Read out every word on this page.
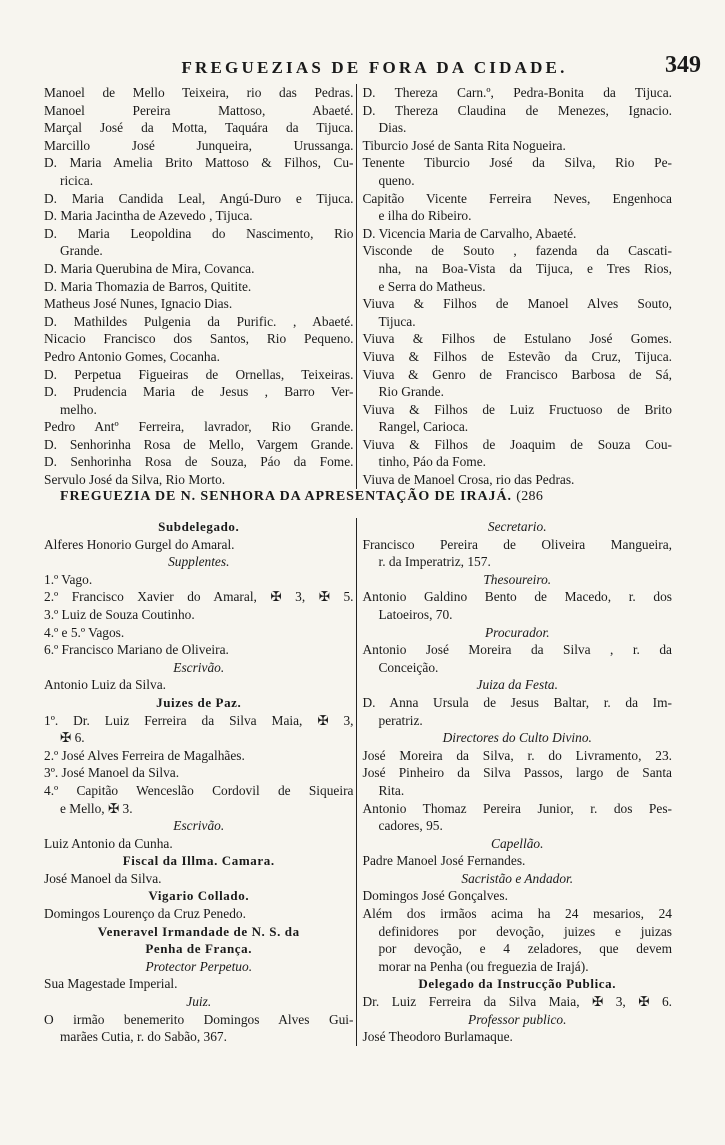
FREGUEZIAS DE FORA DA CIDADE.	349
Manoel de Mello Teixeira, rio das Pedras.
Manoel Pereira Mattoso, Abaeté.
Marçal José da Motta, Taquára da Tijuca.
Marcillo José Junqueira, Urussanga.
D. Maria Amelia Brito Mattoso & Filhos, Cu-
ricica.
D. Maria Candida Leal, Angú-Duro e Tijuca.
D. Maria Jacintha de Azevedo , Tijuca.
D. Maria Leopoldina do Nascimento, Rio
Grande.
D. Maria Querubina de Mira, Covanca.
D. Maria Thomazia de Barros, Quitite.
Matheus José Nunes, Ignacio Dias.
D. Mathildes Pulgenia da Purific. , Abaeté.
Nicacio Francisco dos Santos, Rio Pequeno.
Pedro Antonio Gomes, Cocanha.
D. Perpetua Figueiras de Ornellas, Teixeiras.
D. Prudencia Maria de Jesus , Barro Ver-
melho.
Pedro Antº Ferreira, lavrador, Rio Grande.
D. Senhorinha Rosa de Mello, Vargem Grande.
D. Senhorinha Rosa de Souza, Páo da Fome.
Servulo José da Silva, Rio Morto.
D. Thereza Carn.º, Pedra-Bonita da Tijuca.
D. Thereza Claudina de Menezes, Ignacio.
Dias.
Tiburcio José de Santa Rita Nogueira.
Tenente Tiburcio José da Silva, Rio Pe-
queno.
Capitão Vicente Ferreira Neves, Engenhoca
e ilha do Ribeiro.
D. Vicencia Maria de Carvalho, Abaeté.
Visconde de Souto , fazenda da Cascati-
nha, na Boa-Vista da Tijuca, e Tres Rios,
e Serra do Matheus.
Viuva & Filhos de Manoel Alves Souto,
Tijuca.
Viuva & Filhos de Estulano José Gomes.
Viuva & Filhos de Estevão da Cruz, Tijuca.
Viuva & Genro de Francisco Barbosa de Sá,
Rio Grande.
Viuva & Filhos de Luiz Fructuoso de Brito
Rangel, Carioca.
Viuva & Filhos de Joaquim de Souza Cou-
tinho, Páo da Fome.
Viuva de Manoel Crosa, rio das Pedras.
FREGUEZIA DE N. SENHORA DA APRESENTAÇÃO DE IRAJÁ. (286
Subdelegado.
Alferes Honorio Gurgel do Amaral.
Supplentes.
1.º Vago.
2.º Francisco Xavier do Amaral, ✠ 3, ✠ 5.
3.º Luiz de Souza Coutinho.
4.º e 5.º Vagos.
6.º Francisco Mariano de Oliveira.
Escrivão.
Antonio Luiz da Silva.
Juizes de Paz.
1º. Dr. Luiz Ferreira da Silva Maia, ✠ 3,
✠ 6.
2.º José Alves Ferreira de Magalhães.
3º. José Manoel da Silva.
4.º Capitão Wenceslão Cordovil de Siqueira
e Mello, ✠ 3.
Escrivão.
Luiz Antonio da Cunha.
Fiscal da Illma. Camara.
José Manoel da Silva.
Vigario Collado.
Domingos Lourenço da Cruz Penedo.
Veneravel Irmandade de N. S. da
Penha de França.
Protector Perpetuo.
Sua Magestade Imperial.
Juiz.
O irmão benemerito Domingos Alves Gui-
marães Cutia, r. do Sabão, 367.
Secretario.
Francisco Pereira de Oliveira Mangueira,
r. da Imperatriz, 157.
Thesoureiro.
Antonio Galdino Bento de Macedo, r. dos
Latoeiros, 70.
Procurador.
Antonio José Moreira da Silva , r. da
Conceição.
Juiza da Festa.
D. Anna Ursula de Jesus Baltar, r. da Im-
peratriz.
Directores do Culto Divino.
José Moreira da Silva, r. do Livramento, 23.
José Pinheiro da Silva Passos, largo de Santa
Rita.
Antonio Thomaz Pereira Junior, r. dos Pes-
cadores, 95.
Capellão.
Padre Manoel José Fernandes.
Sacristão e Andador.
Domingos José Gonçalves.
Além dos irmãos acima ha 24 mesarios, 24
definidores por devoção, juizes e juizas
por devoção, e 4 zeladores, que devem
morar na Penha (ou freguezia de Irajá).
Delegado da Instrucção Publica.
Dr. Luiz Ferreira da Silva Maia, ✠ 3, ✠ 6.
Professor publico.
José Theodoro Burlamaque.
